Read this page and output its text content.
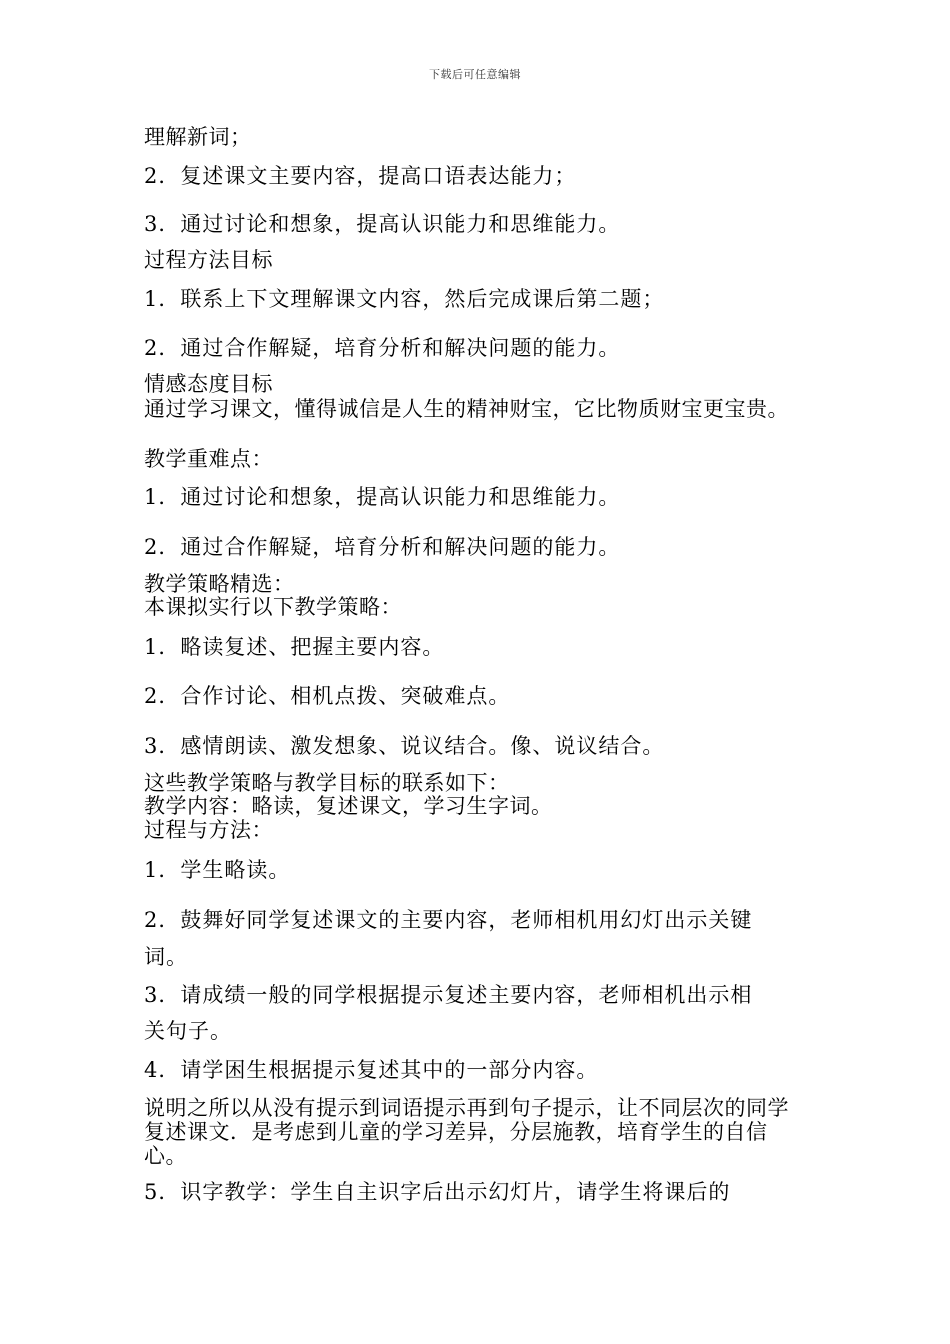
下载后可任意编辑
理解新词；
2．复述课文主要内容，提高口语表达能力；
3．通过讨论和想象，提高认识能力和思维能力。
过程方法目标
1．联系上下文理解课文内容，然后完成课后第二题；
2．通过合作解疑，培育分析和解决问题的能力。
情感态度目标
通过学习课文，懂得诚信是人生的精神财宝，它比物质财宝更宝贵。
教学重难点：
1．通过讨论和想象，提高认识能力和思维能力。
2．通过合作解疑，培育分析和解决问题的能力。
教学策略精选：
本课拟实行以下教学策略：
1．略读复述、把握主要内容。
2．合作讨论、相机点拨、突破难点。
3．感情朗读、激发想象、说议结合。像、说议结合。
这些教学策略与教学目标的联系如下：
教学内容：略读，复述课文，学习生字词。
过程与方法：
1．学生略读。
2．鼓舞好同学复述课文的主要内容，老师相机用幻灯出示关键
词。
3．请成绩一般的同学根据提示复述主要内容，老师相机出示相
关句子。
4．请学困生根据提示复述其中的一部分内容。
说明之所以从没有提示到词语提示再到句子提示，让不同层次的同学复述课文．是考虑到儿童的学习差异，分层施教，培育学生的自信心。
5．识字教学：学生自主识字后出示幻灯片，请学生将课后的
